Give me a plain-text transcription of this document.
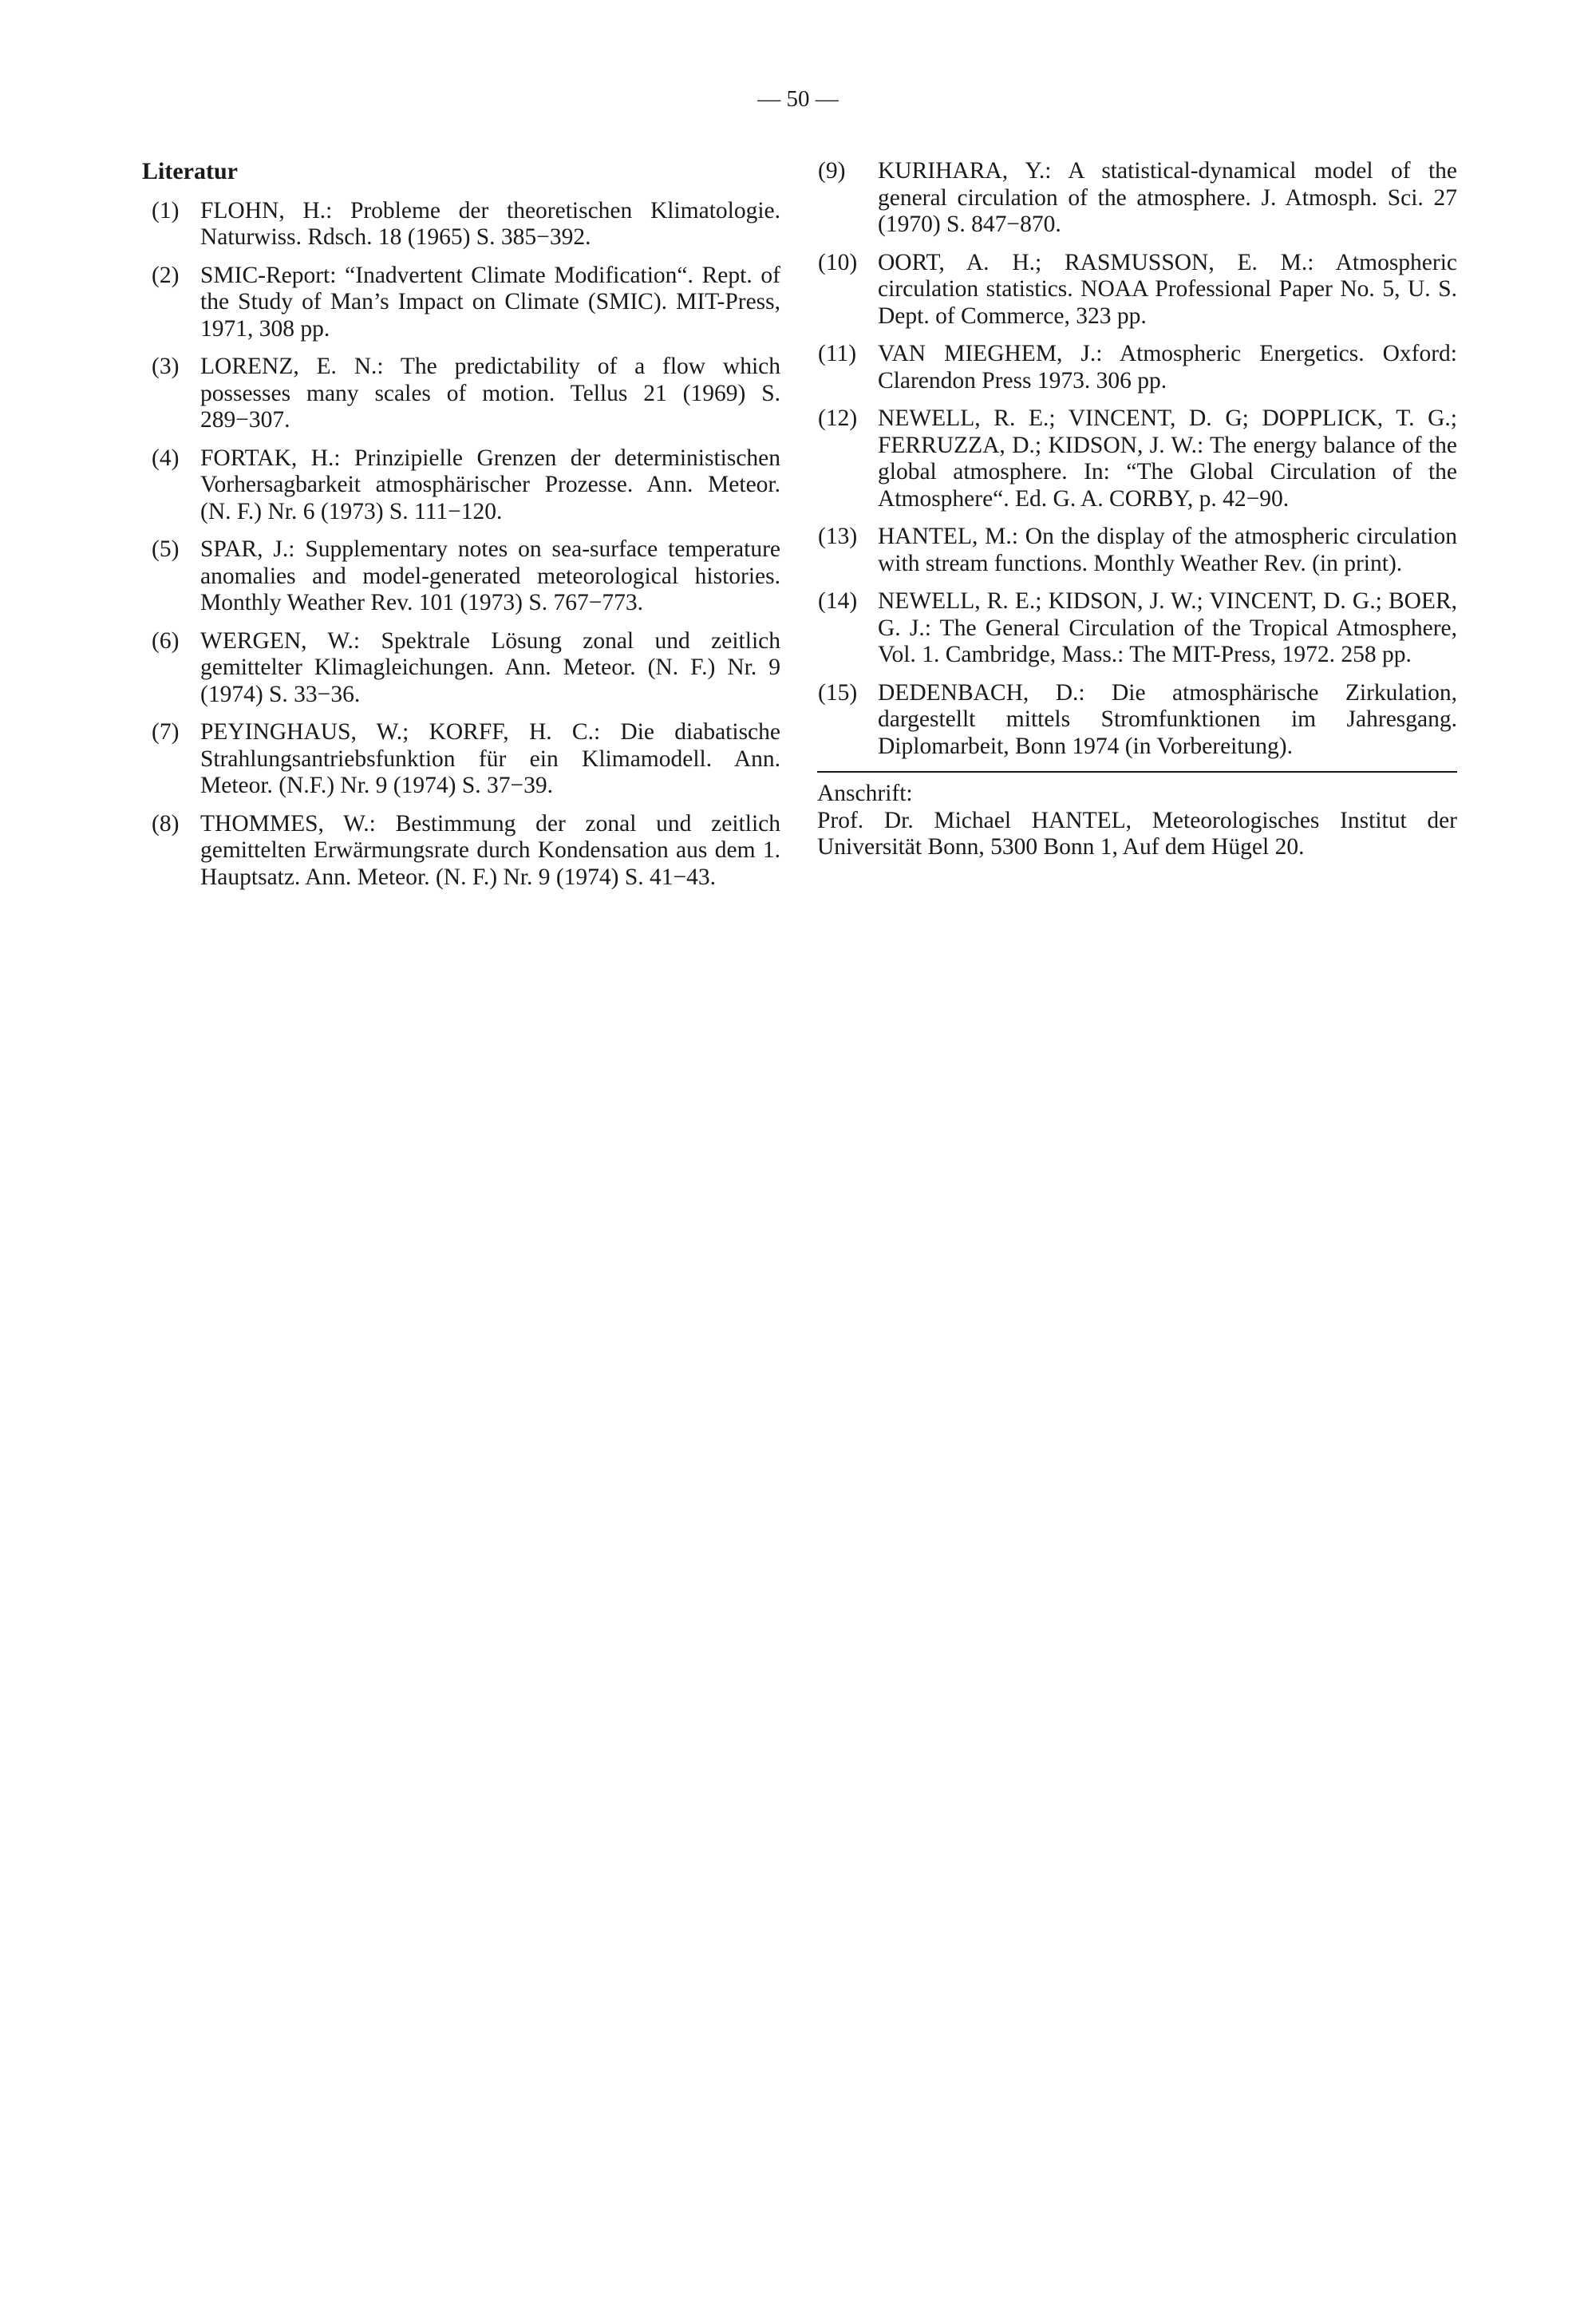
— 50 —
Literatur
(1) FLOHN, H.: Probleme der theoretischen Klimatologie. Naturwiss. Rdsch. 18 (1965) S. 385−392.
(2) SMIC-Report: “Inadvertent Climate Modification“. Rept. of the Study of Man’s Impact on Climate (SMIC). MIT-Press, 1971, 308 pp.
(3) LORENZ, E. N.: The predictability of a flow which possesses many scales of motion. Tellus 21 (1969) S. 289−307.
(4) FORTAK, H.: Prinzipielle Grenzen der deterministischen Vorhersagbarkeit atmosphärischer Prozesse. Ann. Meteor. (N. F.) Nr. 6 (1973) S. 111−120.
(5) SPAR, J.: Supplementary notes on sea-surface temperature anomalies and model-generated meteorological histories. Monthly Weather Rev. 101 (1973) S. 767−773.
(6) WERGEN, W.: Spektrale Lösung zonal und zeitlich gemittelter Klimagleichungen. Ann. Meteor. (N. F.) Nr. 9 (1974) S. 33−36.
(7) PEYINGHAUS, W.; KORFF, H. C.: Die diabatische Strahlungsantriebsfunktion für ein Klimamodell. Ann. Meteor. (N.F.) Nr. 9 (1974) S. 37−39.
(8) THOMMES, W.: Bestimmung der zonal und zeitlich gemittelten Erwärmungsrate durch Kondensation aus dem 1. Hauptsatz. Ann. Meteor. (N. F.) Nr. 9 (1974) S. 41−43.
(9) KURIHARA, Y.: A statistical-dynamical model of the general circulation of the atmosphere. J. Atmosph. Sci. 27 (1970) S. 847−870.
(10) OORT, A. H.; RASMUSSON, E. M.: Atmospheric circulation statistics. NOAA Professional Paper No. 5, U. S. Dept. of Commerce, 323 pp.
(11) VAN MIEGHEM, J.: Atmospheric Energetics. Oxford: Clarendon Press 1973. 306 pp.
(12) NEWELL, R. E.; VINCENT, D. G; DOPPLICK, T. G.; FERRUZZA, D.; KIDSON, J. W.: The energy balance of the global atmosphere. In: “The Global Circulation of the Atmosphere“. Ed. G. A. CORBY, p. 42−90.
(13) HANTEL, M.: On the display of the atmospheric circulation with stream functions. Monthly Weather Rev. (in print).
(14) NEWELL, R. E.; KIDSON, J. W.; VINCENT, D. G.; BOER, G. J.: The General Circulation of the Tropical Atmosphere, Vol. 1. Cambridge, Mass.: The MIT-Press, 1972. 258 pp.
(15) DEDENBACH, D.: Die atmosphärische Zirkulation, dargestellt mittels Stromfunktionen im Jahresgang. Diplomarbeit, Bonn 1974 (in Vorbereitung).
Anschrift:
Prof. Dr. Michael HANTEL, Meteorologisches Institut der Universität Bonn, 5300 Bonn 1, Auf dem Hügel 20.
